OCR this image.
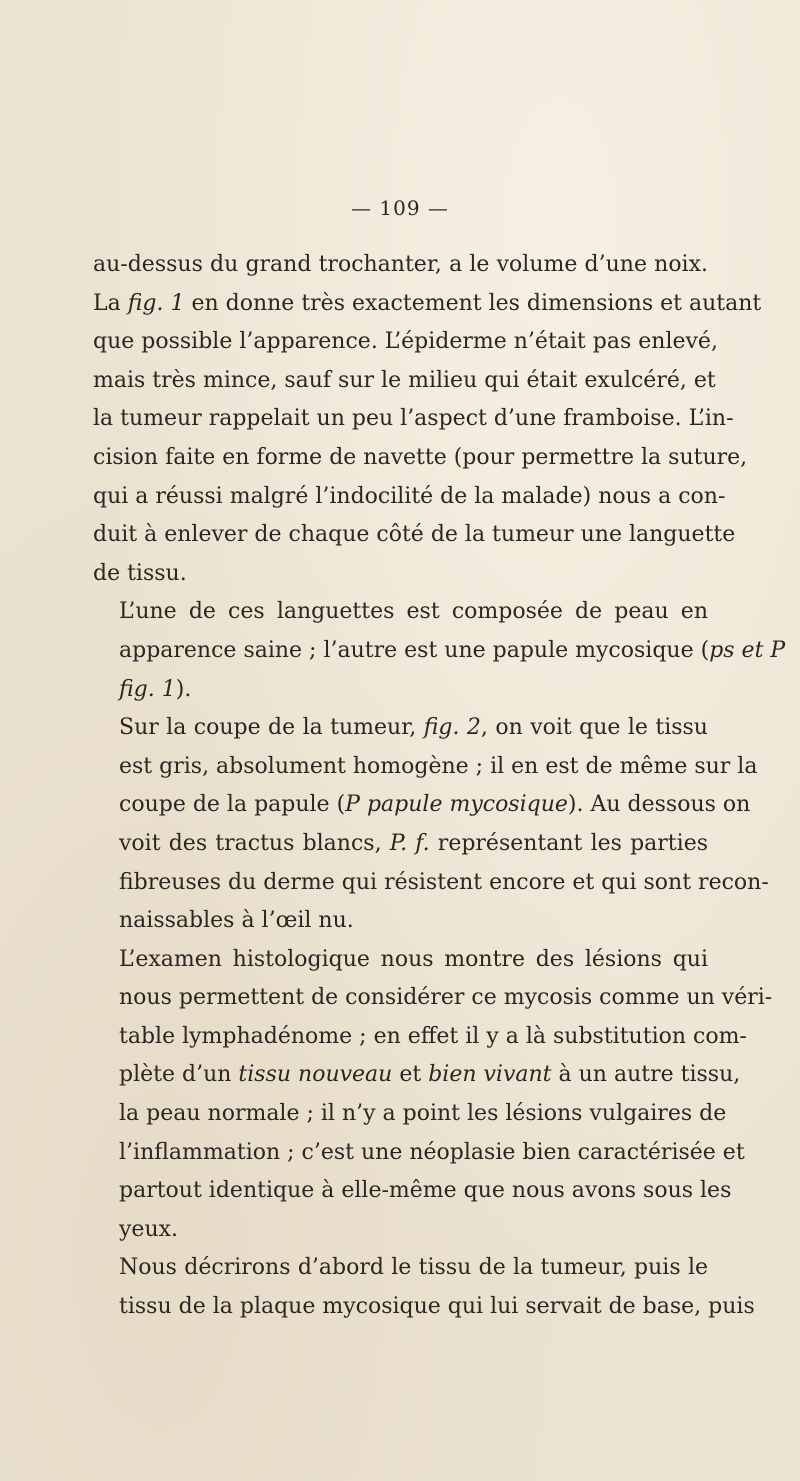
— 109 —

au-dessus du grand trochanter, a le volume d’une noix.
La fig. 1 en donne très exactement les dimensions et autant
que possible l’apparence. L’épiderme n’était pas enlevé,
mais très mince, sauf sur le milieu qui était exulcéré, et
la tumeur rappelait un peu l’aspect d’une framboise. L’in-
cision faite en forme de navette (pour permettre la suture,
qui a réussi malgré l’indocilité de la malade) nous a con-
duit à enlever de chaque côté de la tumeur une languette
de tissu.

L’une de ces languettes est composée de peau en
apparence saine ; l’autre est une papule mycosique (ps et P
fig. 1).

Sur la coupe de la tumeur, fig. 2, on voit que le tissu
est gris, absolument homogène ; il en est de même sur la
coupe de la papule (P papule mycosique). Au dessous on
voit des tractus blancs, P. f. représentant les parties
fibreuses du derme qui résistent encore et qui sont recon-
naissables à l’œil nu.

L’examen histologique nous montre des lésions qui
nous permettent de considérer ce mycosis comme un véri-
table lymphadénome ; en effet il y a là substitution com-
plète d’un tissu nouveau et bien vivant à un autre tissu,
la peau normale ; il n’y a point les lésions vulgaires de
l’inflammation ; c’est une néoplasie bien caractérisée et
partout identique à elle-même que nous avons sous les
yeux.

Nous décrirons d’abord le tissu de la tumeur, puis le
tissu de la plaque mycosique qui lui servait de base, puis
